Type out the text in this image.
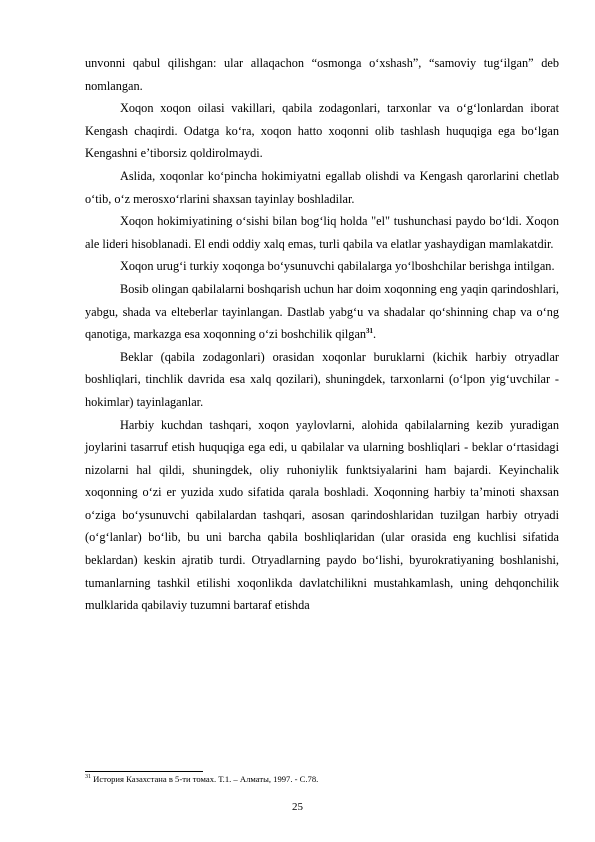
unvonni qabul qilishgan: ular allaqachon “osmonga o‘xshash”, “samoviy tug‘ilgan” deb nomlangan.

Xoqon xoqon oilasi vakillari, qabila zodagonlari, tarxonlar va o‘g‘lonlardan iborat Kengash chaqirdi. Odatga ko‘ra, xoqon hatto xoqonni olib tashlash huquqiga ega bo‘lgan Kengashni e’tiborsiz qoldirolmaydi.

Aslida, xoqonlar ko‘pincha hokimiyatni egallab olishdi va Kengash qarorlarini chetlab o‘tib, o‘z merosxo‘rlarini shaxsan tayinlay boshladilar.

Xoqon hokimiyatining o‘sishi bilan bog‘liq holda "el" tushunchasi paydo bo‘ldi. Xoqon ale lideri hisoblanadi. El endi oddiy xalq emas, turli qabila va elatlar yashaydigan mamlakatdir.

Xoqon urug‘i turkiy xoqonga bo‘ysunuvchi qabilalarga yo‘lboshchilar berishga intilgan.

Bosib olingan qabilalarni boshqarish uchun har doim xoqonning eng yaqin qarindoshlari, yabgu, shada va elteberlar tayinlangan. Dastlab yabg‘u va shadalar qo‘shinning chap va o‘ng qanotiga, markazga esa xoqonning o‘zi boshchilik qilgan$^{31}$.

Beklar (qabila zodagonlari) orasidan xoqonlar buruklarni (kichik harbiy otryadlar boshliqlari, tinchlik davrida esa xalq qozilari), shuningdek, tarxonlarni (o‘lpon yig‘uvchilar - hokimlar) tayinlaganlar.

Harbiy kuchdan tashqari, xoqon yaylovlarni, alohida qabilalarning kezib yuradigan joylarini tasarruf etish huquqiga ega edi, u qabilalar va ularning boshliqlari - beklar o‘rtasidagi nizolarni hal qildi, shuningdek, oliy ruhoniylik funktsiyalarini ham bajardi. Keyinchalik xoqonning o‘zi er yuzida xudo sifatida qarala boshladi. Xoqonning harbiy ta’minoti shaxsan o‘ziga bo‘ysunuvchi qabilalardan tashqari, asosan qarindoshlaridan tuzilgan harbiy otryadi (o‘g‘lanlar) bo‘lib, bu uni barcha qabila boshliqlaridan (ular orasida eng kuchlisi sifatida beklardan) keskin ajratib turdi. Otryadlarning paydo bo‘lishi, byurokratiyaning boshlanishi, tumanlarning tashkil etilishi xoqonlikda davlatchilikni mustahkamlash, uning dehqonchilik mulklarida qabilaviy tuzumni bartaraf etishda

$^{31}$ История Казахстана в 5-ти томах. Т.1. – Алматы, 1997. - С.78.
25
